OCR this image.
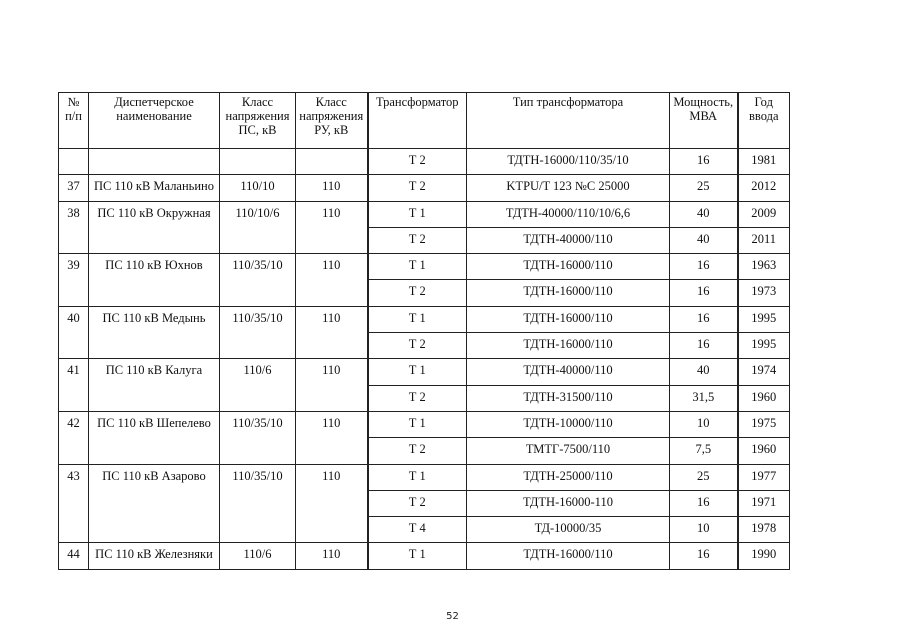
№ п/п	Диспетчерское наименование	Класс напряжения ПС, кВ	Класс напряжения РУ, кВ	Трансформатор	Тип трансформатора	Мощность, МВА	Год ввода
				Т 2	ТДТН-16000/110/35/10	16	1981
37	ПС 110 кВ Маланьино	110/10	110	Т 2	KTPU/T 123 №C 25000	25	2012
38	ПС 110 кВ Окружная	110/10/6	110	Т 1	ТДТН-40000/110/10/6,6	40	2009
				Т 2	ТДТН-40000/110	40	2011
39	ПС 110 кВ Юхнов	110/35/10	110	Т 1	ТДТН-16000/110	16	1963
				Т 2	ТДТН-16000/110	16	1973
40	ПС 110 кВ Медынь	110/35/10	110	Т 1	ТДТН-16000/110	16	1995
				Т 2	ТДТН-16000/110	16	1995
41	ПС 110 кВ Калуга	110/6	110	Т 1	ТДТН-40000/110	40	1974
				Т 2	ТДТН-31500/110	31,5	1960
42	ПС 110 кВ Шепелево	110/35/10	110	Т 1	ТДТН-10000/110	10	1975
				Т 2	ТМТГ-7500/110	7,5	1960
43	ПС 110 кВ Азарово	110/35/10	110	Т 1	ТДТН-25000/110	25	1977
				Т 2	ТДТН-16000-110	16	1971
				Т 4	ТД-10000/35	10	1978
44	ПС 110 кВ Железняки	110/6	110	Т 1	ТДТН-16000/110	16	1990
52
